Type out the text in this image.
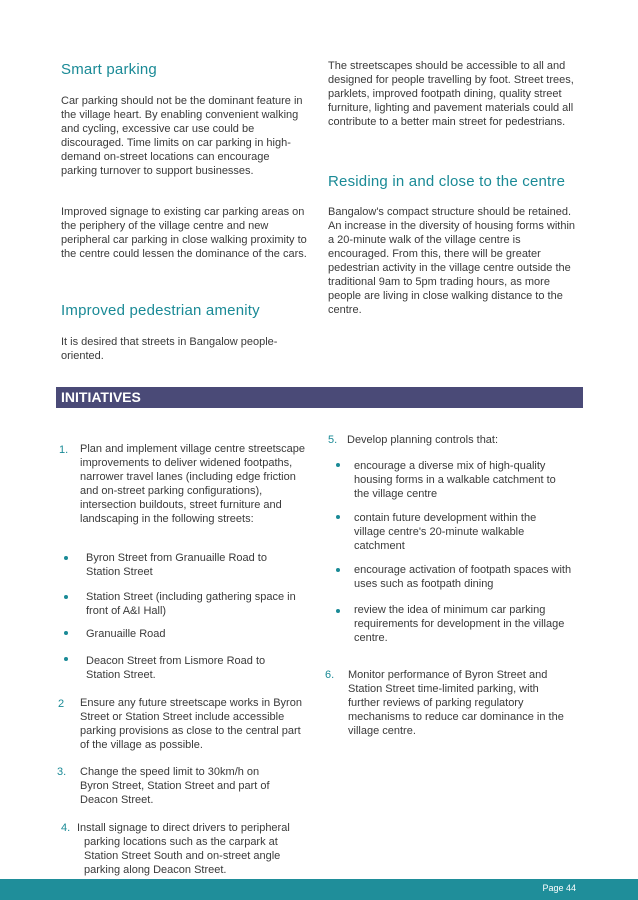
Smart parking

Car parking should not be the dominant feature in the village heart. By enabling convenient walking and cycling, excessive car use could be discouraged. Time limits on car parking in high-demand on-street locations can encourage parking turnover to support businesses.

Improved signage to existing car parking areas on the periphery of the village centre and new peripheral car parking in close walking proximity to the centre could lessen the dominance of the cars.

Improved pedestrian amenity

It is desired that streets in Bangalow people-oriented.

The streetscapes should be accessible to all and designed for people travelling by foot. Street trees, parklets, improved footpath dining, quality street furniture, lighting and pavement materials could all contribute to a better main street for pedestrians.

Residing in and close to the centre

Bangalow's compact structure should be retained. An increase in the diversity of housing forms within a 20-minute walk of the village centre is encouraged. From this, there will be greater pedestrian activity in the village centre outside the traditional 9am to 5pm trading hours, as more people are living in close walking distance to the centre.

INITIATIVES
1. Plan and implement village centre streetscape improvements to deliver widened footpaths, narrower travel lanes (including edge friction and on-street parking configurations), intersection buildouts, street furniture and landscaping in the following streets:

Byron Street from Granuaille Road to Station Street

Station Street (including gathering space in front of A&I Hall)

Granuaille Road

Deacon Street from Lismore Road to Station Street.

2 Ensure any future streetscape works in Byron Street or Station Street include accessible parking provisions as close to the central part of the village as possible.

3. Change the speed limit to 30km/h on Byron Street, Station Street and part of Deacon Street.

4. Install signage to direct drivers to peripheral

parking locations such as the carpark at Station Street South and on-street angle parking along Deacon Street.

5. Develop planning controls that:

encourage a diverse mix of high-quality housing forms in a walkable catchment to the village centre

contain future development within the village centre's 20-minute walkable catchment

encourage activation of footpath spaces with uses such as footpath dining

review the idea of minimum car parking requirements for development in the village centre.

6. Monitor performance of Byron Street and Station Street time-limited parking, with further reviews of parking regulatory mechanisms to reduce car dominance in the village centre.

Page 44
